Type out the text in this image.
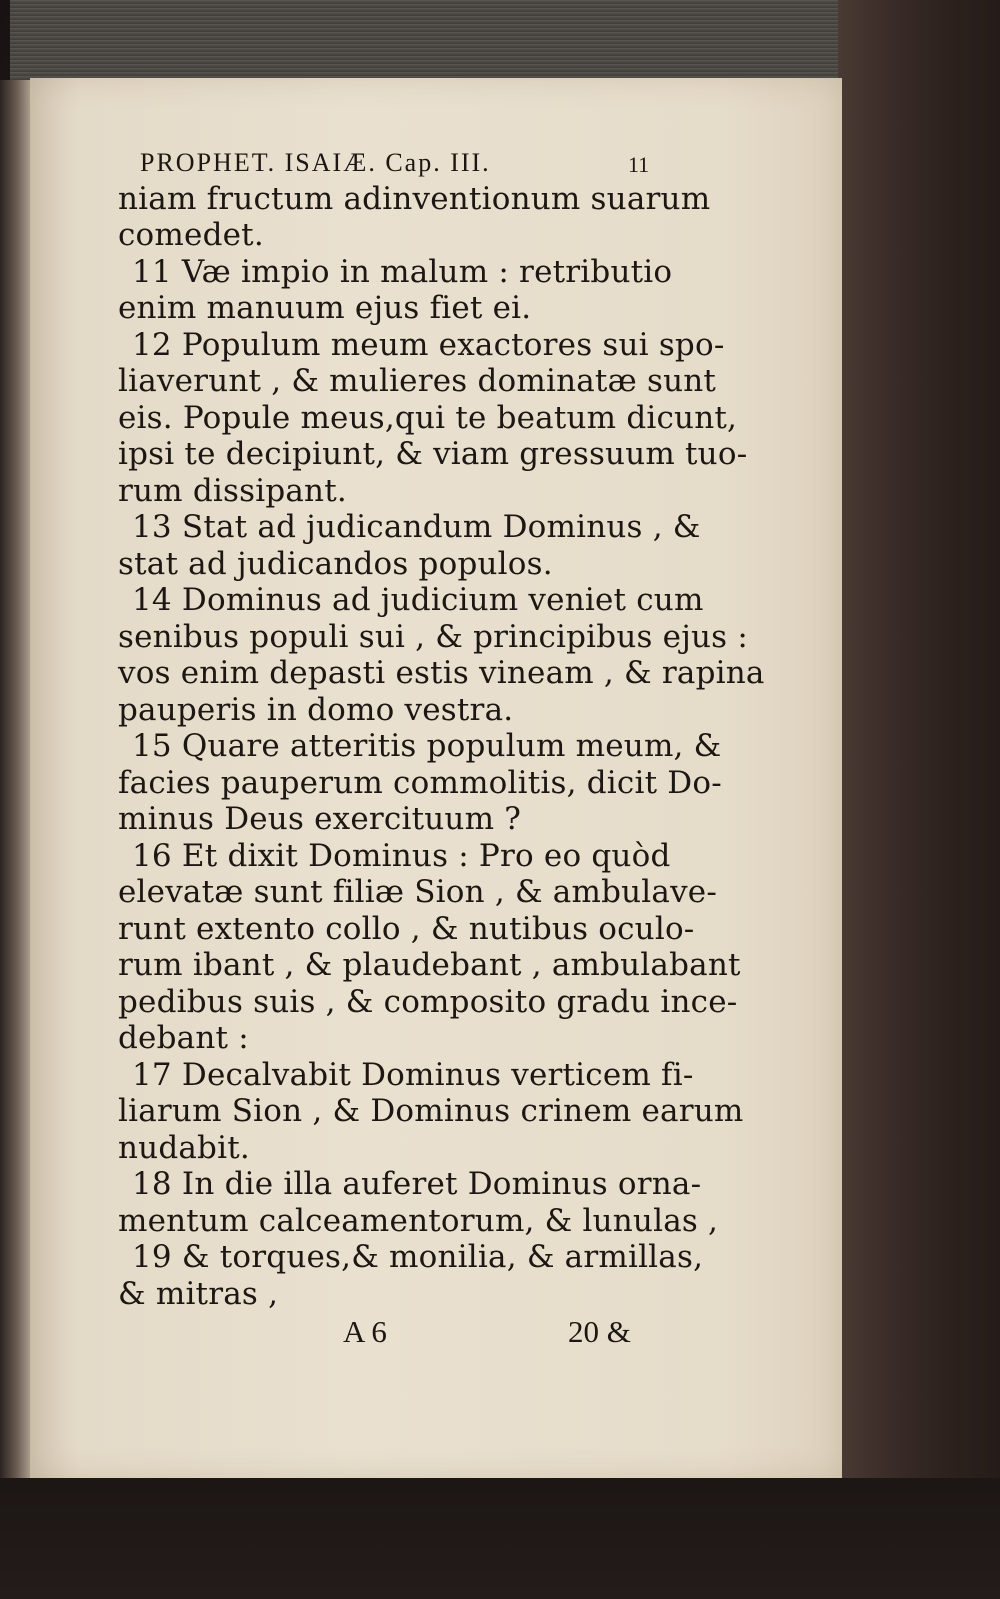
PROPHET. ISAIÆ. Cap. III.	11
niam fructum adinventionum suarum
comedet.
11 Væ impio in malum : retributio
enim manuum ejus fiet ei.
12 Populum meum exactores sui spo-
liaverunt , & mulieres dominatæ sunt
eis. Popule meus,qui te beatum dicunt,
ipsi te decipiunt, & viam gressuum tuo-
rum dissipant.
13 Stat ad judicandum Dominus , &
stat ad judicandos populos.
14 Dominus ad judicium veniet cum
senibus populi sui , & principibus ejus :
vos enim depasti estis vineam , & rapina
pauperis in domo vestra.
15 Quare atteritis populum meum, &
facies pauperum commolitis, dicit Do-
minus Deus exercituum ?
16 Et dixit Dominus : Pro eo quòd
elevatæ sunt filiæ Sion , & ambulave-
runt extento collo , & nutibus oculo-
rum ibant , & plaudebant , ambulabant
pedibus suis , & composito gradu ince-
debant :
17 Decalvabit Dominus verticem fi-
liarum Sion , & Dominus crinem earum
nudabit.
18 In die illa auferet Dominus orna-
mentum calceamentorum, & lunulas ,
19 & torques,& monilia, & armillas,
& mitras ,
A 6	20 &
